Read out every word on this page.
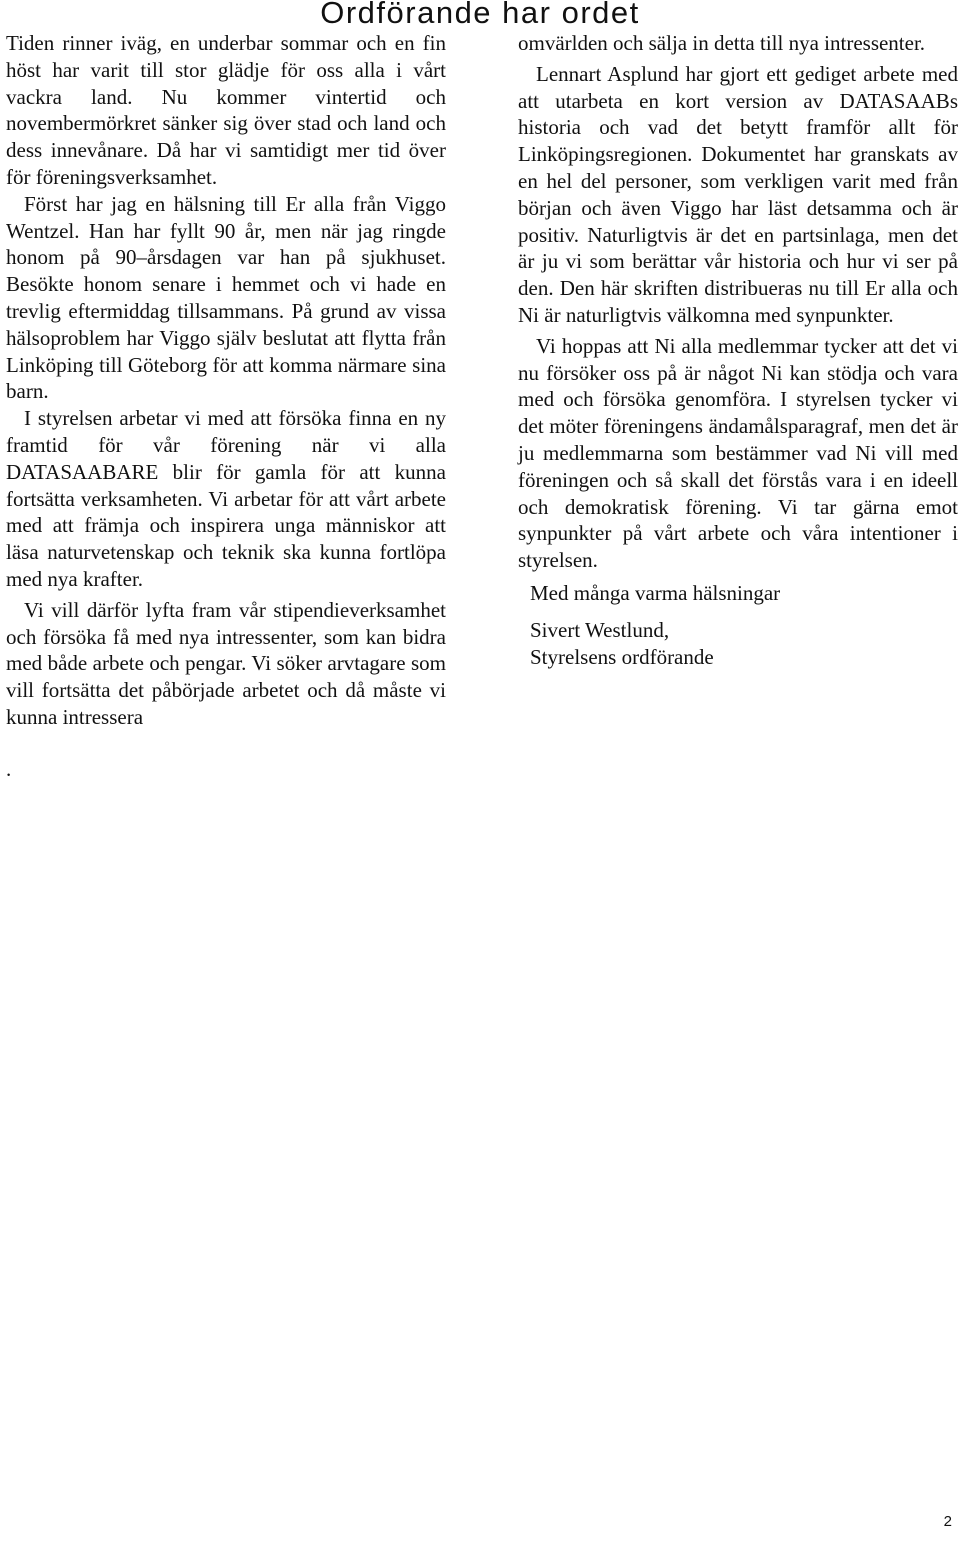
Ordförande har ordet

Tiden rinner iväg, en underbar sommar och en fin höst har varit till stor glädje för oss alla i vårt vackra land. Nu kommer vintertid och novembermörkret sänker sig över stad och land och dess innevånare. Då har vi samtidigt mer tid över för föreningsverksamhet.

Först har jag en hälsning till Er alla från Viggo Wentzel. Han har fyllt 90 år, men när jag ringde honom på 90–årsdagen var han på sjukhuset. Besökte honom senare i hemmet och vi hade en trevlig eftermiddag tillsammans. På grund av vissa hälsoproblem har Viggo själv beslutat att flytta från Linköping till Göteborg för att komma närmare sina barn.

I styrelsen arbetar vi med att försöka finna en ny framtid för vår förening när vi alla DATASAABARE blir för gamla för att kunna fortsätta verksamheten. Vi arbetar för att vårt arbete med att främja och inspirera unga människor att läsa naturvetenskap och teknik ska kunna fortlöpa med nya krafter.

Vi vill därför lyfta fram vår stipendieverksamhet och försöka få med nya intressenter, som kan bidra med både arbete och pengar. Vi söker arvtagare som vill fortsätta det påbörjade arbetet och då måste vi kunna intressera

.

omvärlden och sälja in detta till nya intressenter.

Lennart Asplund har gjort ett gediget arbete med att utarbeta en kort version av DATASAABs historia och vad det betytt framför allt för Linköpingsregionen. Dokumentet har granskats av en hel del personer, som verkligen varit med från början och även Viggo har läst detsamma och är positiv. Naturligtvis är det en partsinlaga, men det är ju vi som berättar vår historia och hur vi ser på den. Den här skriften distribueras nu till Er alla och Ni är naturligtvis välkomna med synpunkter.

Vi hoppas att Ni alla medlemmar tycker att det vi nu försöker oss på är något Ni kan stödja och vara med och försöka genomföra. I styrelsen tycker vi det möter föreningens ändamålsparagraf, men det är ju medlemmarna som bestämmer vad Ni vill med föreningen och så skall det förstås vara i en ideell och demokratisk förening. Vi tar gärna emot synpunkter på vårt arbete och våra intentioner i styrelsen.

Med många varma hälsningar

Sivert Westlund,

Styrelsens ordförande

2
